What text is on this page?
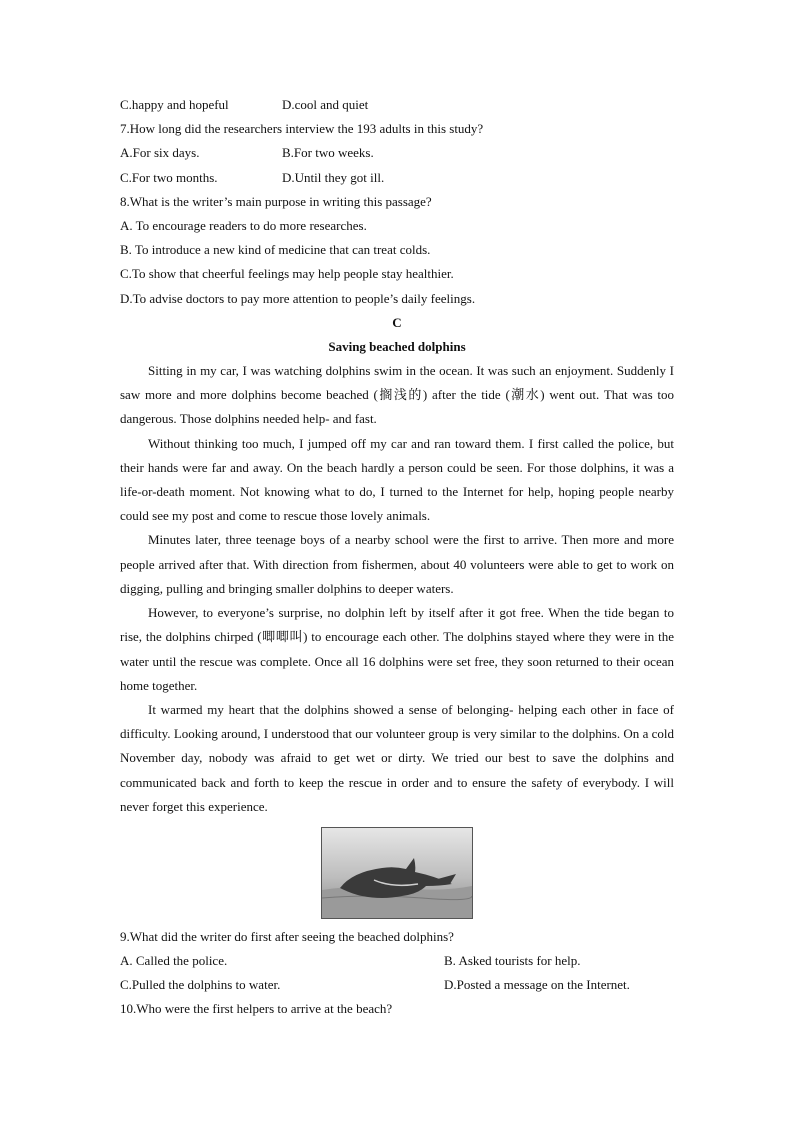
C.happy and hopeful	D.cool and quiet
7.How long did the researchers interview the 193 adults in this study?
A.For six days.	B.For two weeks.
C.For two months.	D.Until they got ill.
8.What is the writer’s main purpose in writing this passage?
A. To encourage readers to do more researches.
B. To introduce a new kind of medicine that can treat colds.
C.To show that cheerful feelings may help people stay healthier.
D.To advise doctors to pay more attention to people’s daily feelings.
C
Saving beached dolphins

Sitting in my car, I was watching dolphins swim in the ocean. It was such an enjoyment. Suddenly I saw more and more dolphins become beached (搁浅的) after the tide (潮水) went out. That was too dangerous. Those dolphins needed help- and fast.

Without thinking too much, I jumped off my car and ran toward them. I first called the police, but their hands were far and away. On the beach hardly a person could be seen. For those dolphins, it was a life-or-death moment. Not knowing what to do, I turned to the Internet for help, hoping people nearby could see my post and come to rescue those lovely animals.

Minutes later, three teenage boys of a nearby school were the first to arrive. Then more and more people arrived after that. With direction from fishermen, about 40 volunteers were able to get to work on digging, pulling and bringing smaller dolphins to deeper waters.

However, to everyone’s surprise, no dolphin left by itself after it got free. When the tide began to rise, the dolphins chirped (唧唧叫) to encourage each other. The dolphins stayed where they were in the water until the rescue was complete. Once all 16 dolphins were set free, they soon returned to their ocean home together.

It warmed my heart that the dolphins showed a sense of belonging- helping each other in face of difficulty. Looking around, I understood that our volunteer group is very similar to the dolphins. On a cold November day, nobody was afraid to get wet or dirty. We tried our best to save the dolphins and communicated back and forth to keep the rescue in order and to ensure the safety of everybody. I will never forget this experience.

9.What did the writer do first after seeing the beached dolphins?
A. Called the police.	B. Asked tourists for help.
C.Pulled the dolphins to water.	D.Posted a message on the Internet.
10.Who were the first helpers to arrive at the beach?
